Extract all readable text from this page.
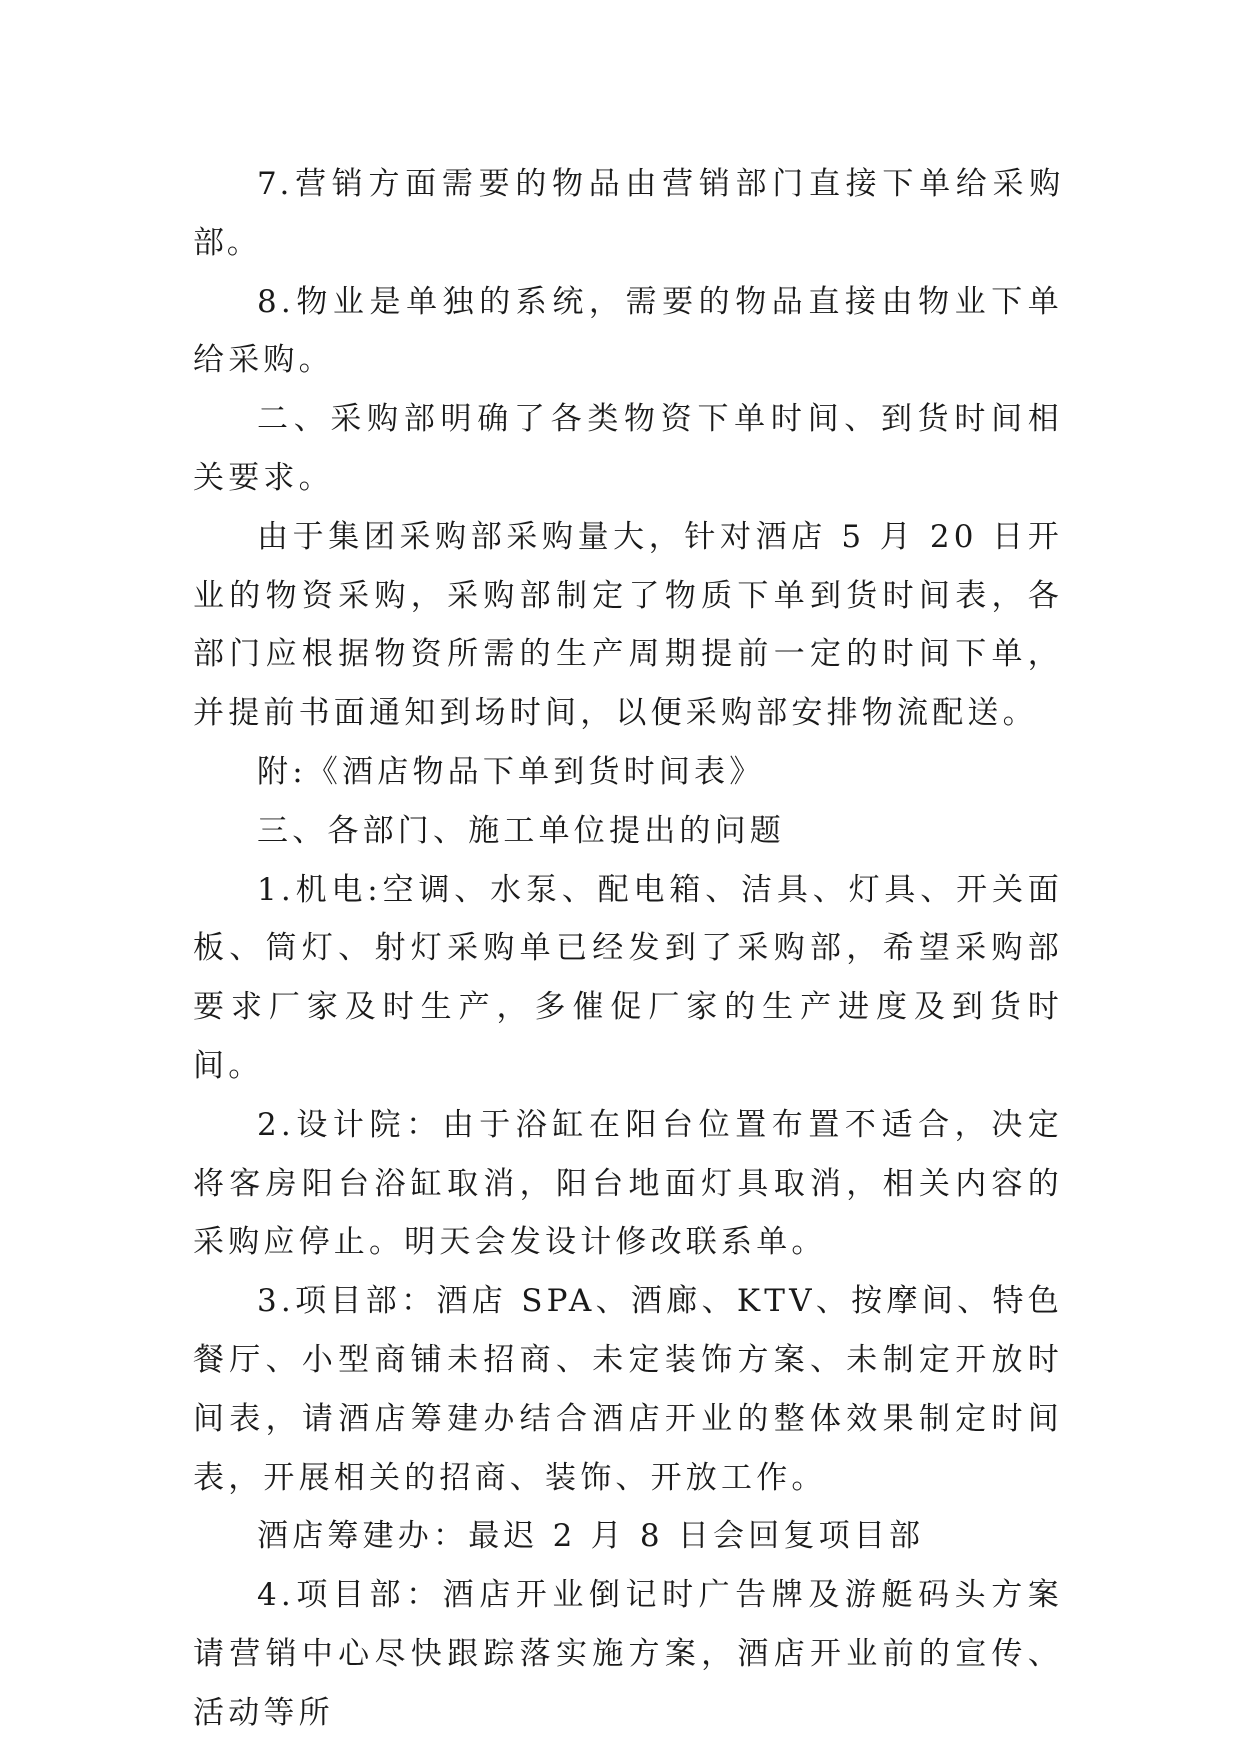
7.营销方面需要的物品由营销部门直接下单给采购部。

8.物业是单独的系统，需要的物品直接由物业下单给采购。

二、采购部明确了各类物资下单时间、到货时间相关要求。

由于集团采购部采购量大，针对酒店 5 月 20 日开业的物资采购，采购部制定了物质下单到货时间表，各部门应根据物资所需的生产周期提前一定的时间下单，并提前书面通知到场时间，以便采购部安排物流配送。

附:《酒店物品下单到货时间表》

三、各部门、施工单位提出的问题

1.机电:空调、水泵、配电箱、洁具、灯具、开关面板、筒灯、射灯采购单已经发到了采购部，希望采购部要求厂家及时生产，多催促厂家的生产进度及到货时间。

2.设计院：由于浴缸在阳台位置布置不适合，决定将客房阳台浴缸取消，阳台地面灯具取消，相关内容的采购应停止。明天会发设计修改联系单。

3.项目部：酒店 SPA、酒廊、KTV、按摩间、特色餐厅、小型商铺未招商、未定装饰方案、未制定开放时间表，请酒店筹建办结合酒店开业的整体效果制定时间表，开展相关的招商、装饰、开放工作。

酒店筹建办：最迟 2 月 8 日会回复项目部

4.项目部：酒店开业倒记时广告牌及游艇码头方案请营销中心尽快跟踪落实施方案，酒店开业前的宣传、活动等所
